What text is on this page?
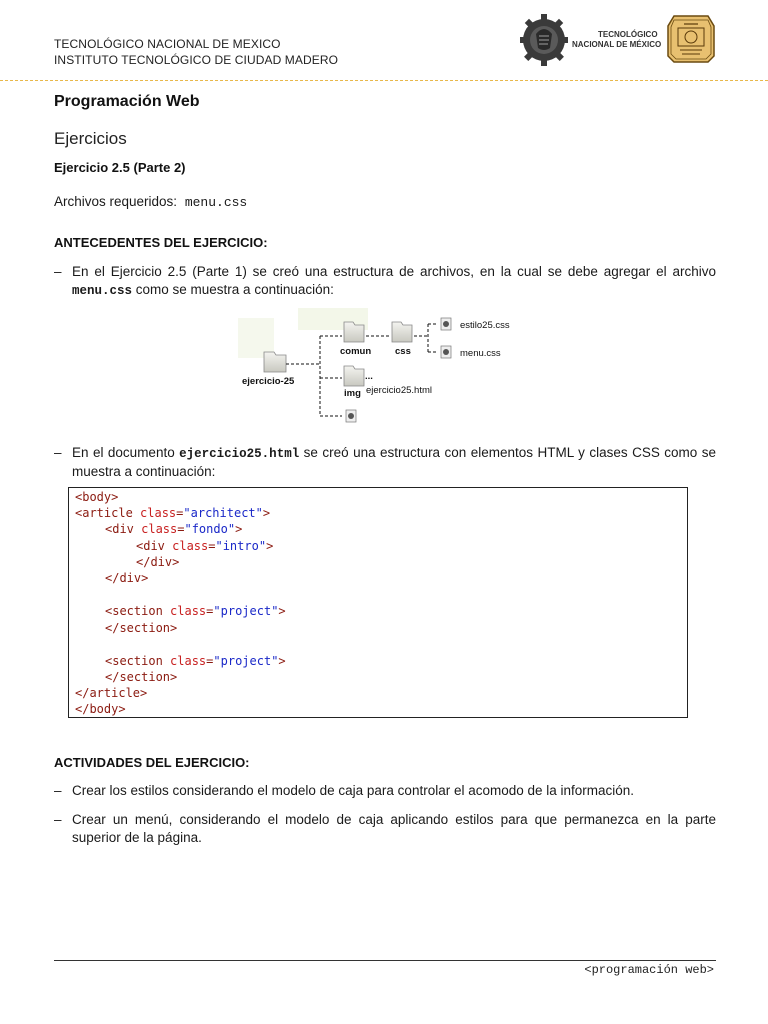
TECNOLÓGICO NACIONAL DE MEXICO
INSTITUTO TECNOLÓGICO DE CIUDAD MADERO
TECNOLÓGICO
NACIONAL DE MÉXICO
Programación Web
Ejercicios
Ejercicio 2.5 (Parte 2)
Archivos requeridos: menu.css
ANTECEDENTES DEL EJERCICIO:
– En el Ejercicio 2.5 (Parte 1) se creó una estructura de archivos, en la cual se debe agregar el archivo menu.css como se muestra a continuación:
ejercicio-25
comun	css
img
...
estilo25.css
menu.css
ejercicio25.html
– En el documento ejercicio25.html se creó una estructura con elementos HTML y clases CSS como se muestra a continuación:
<body>
<article class="architect">
<div class="fondo">
<div class="intro">
</div>
</div>
<section class="project">
</section>
<section class="project">
</section>
</article>
</body>
ACTIVIDADES DEL EJERCICIO:
– Crear los estilos considerando el modelo de caja para controlar el acomodo de la información.
– Crear un menú, considerando el modelo de caja aplicando estilos para que permanezca en la parte superior de la página.
<programación web>
